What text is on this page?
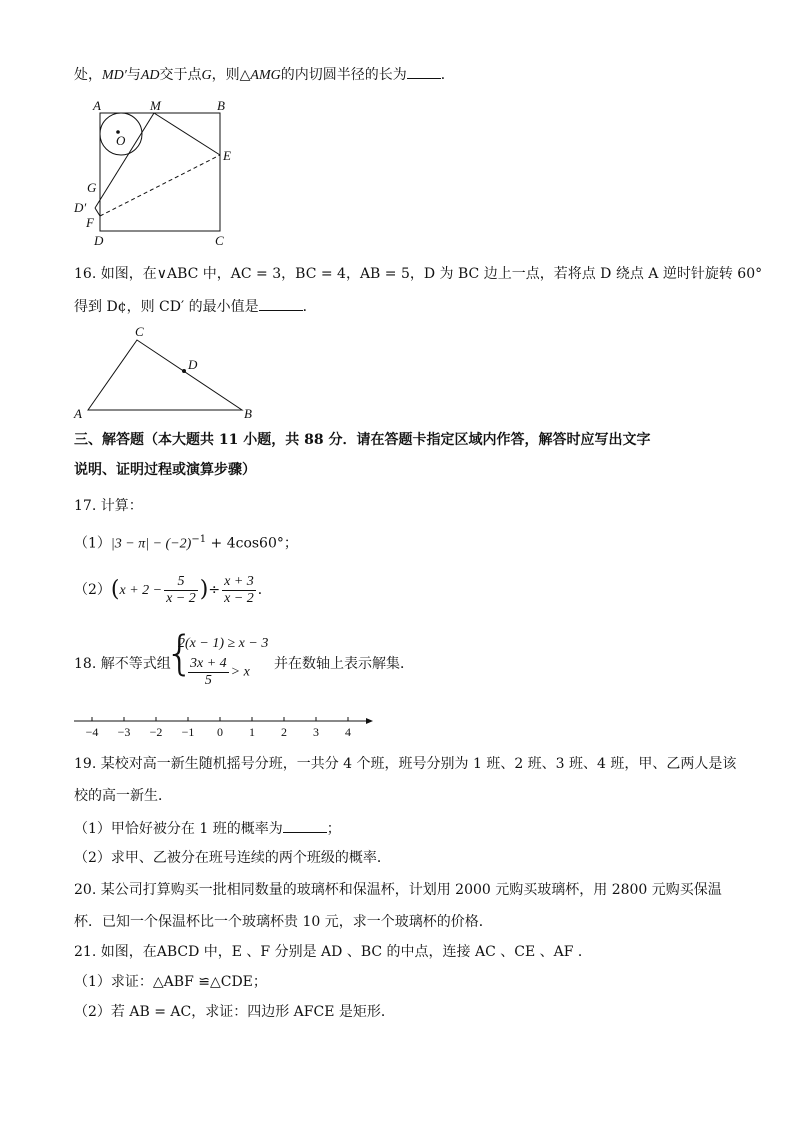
处，MD′与AD交于点G，则△AMG的内切圆半径的长为 ．
A	M	B
O
E
G
D′
F
D	C
16. 如图，在∨ABC 中，AC = 3，BC = 4，AB = 5，D 为 BC 边上一点，若将点 D 绕点 A 逆时针旋转 60°
得到 D¢，则 CD′ 的最小值是	．
C
D
A	B
三、解答题（本大题共 11 小题，共 88 分．请在答题卡指定区域内作答，解答时应写出文字
说明、证明过程或演算步骤）
17. 计算：
$(1)|3 - \pi| - (-2)^{-1} + 4\cos 60^\circ$；
$(2)(x + 2 - \frac{5}{x - 2}$ )÷ $\frac{x + 3}{x - 2}$ ．
18. 解不等式组
{
2(x − 1) ≥ x − 3
$\frac{3x + 4}{5} > x$
并在数轴上表示解集．
−4 −3 −2 −1 0 1 2 3 4
19. 某校对高一新生随机摇号分班，一共分 4 个班，班号分别为 1 班、2 班、3 班、4 班，甲、乙两人是该
校的高一新生．
（1）甲恰好被分在 1 班的概率为	；
（2）求甲、乙被分在班号连续的两个班级的概率．
20. 某公司打算购买一批相同数量的玻璃杯和保温杯，计划用 2000 元购买玻璃杯，用 2800 元购买保温
杯．已知一个保温杯比一个玻璃杯贵 10 元，求一个玻璃杯的价格．
21. 如图，在ABCD 中，E 、F 分别是 AD 、BC 的中点，连接 AC 、CE 、AF ．
（1）求证：△ABF ≌△CDE；
（2）若 AB = AC，求证：四边形 AFCE 是矩形．
